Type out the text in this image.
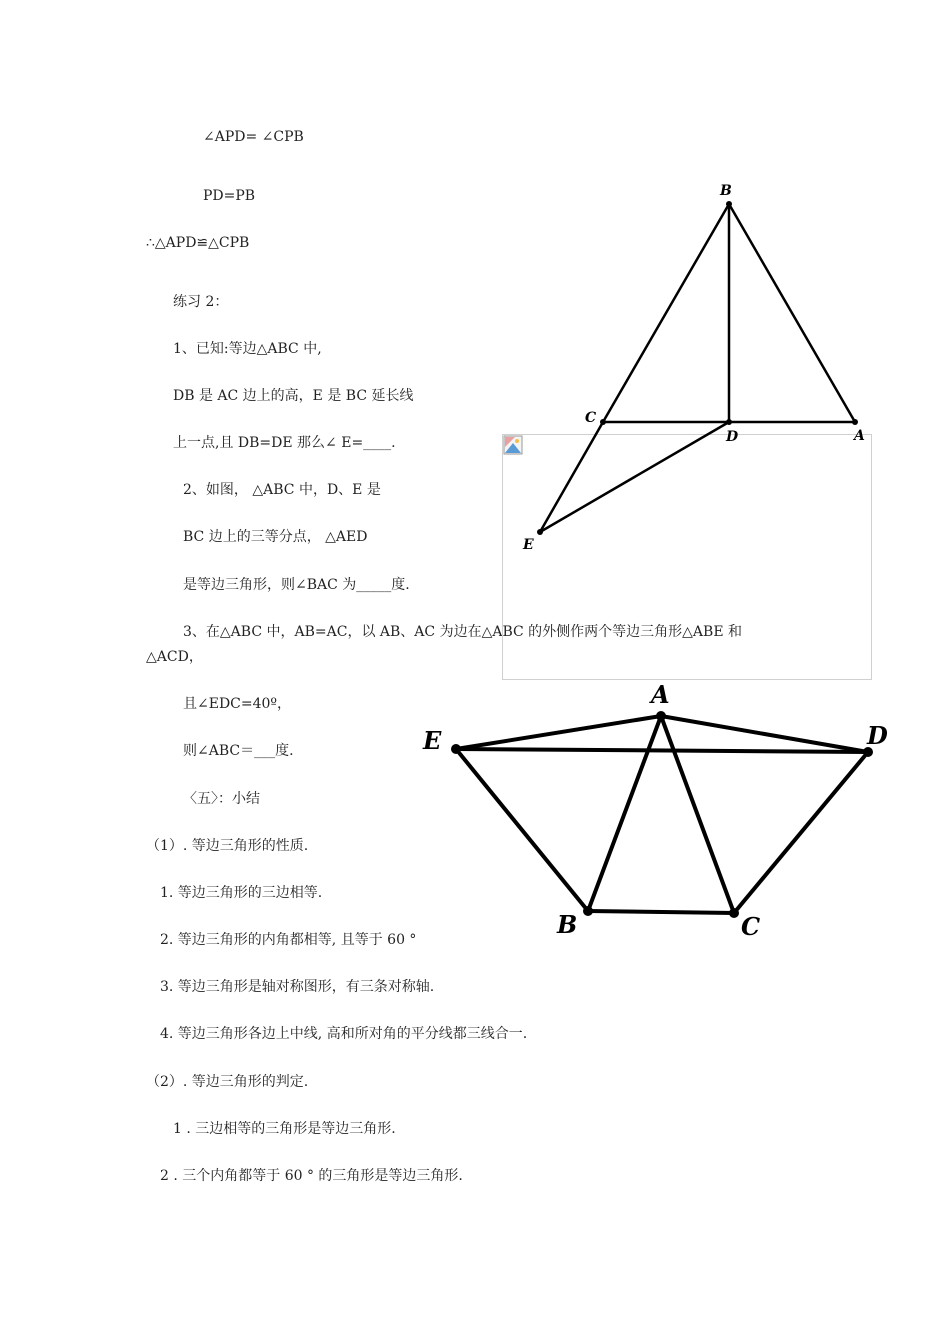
∠APD= ∠CPB
PD=PB
∴△APD≌△CPB
练习 2：
1、已知:等边△ABC 中,
DB 是 AC 边上的高，E 是 BC 延长线
上一点,且 DB=DE 那么∠ E=____.
2、如图， △ABC 中，D、E 是
BC 边上的三等分点， △AED
是等边三角形，则∠BAC 为_____度.
3、在△ABC 中，AB=AC，以 AB、AC 为边在△ABC 的外侧作两个等边三角形△ABE 和
△ACD，
且∠EDC=40º，
则∠ABC＝___度.
〈五〉：小结
（1）. 等边三角形的性质.
1. 等边三角形的三边相等.
2. 等边三角形的内角都相等, 且等于 60 °
3. 等边三角形是轴对称图形，有三条对称轴.
4. 等边三角形各边上中线, 高和所对角的平分线都三线合一.
（2）. 等边三角形的判定.
1 . 三边相等的三角形是等边三角形.
2 . 三个内角都等于 60 ° 的三角形是等边三角形.
B
C
D	A
E
A
E	D
B	C
